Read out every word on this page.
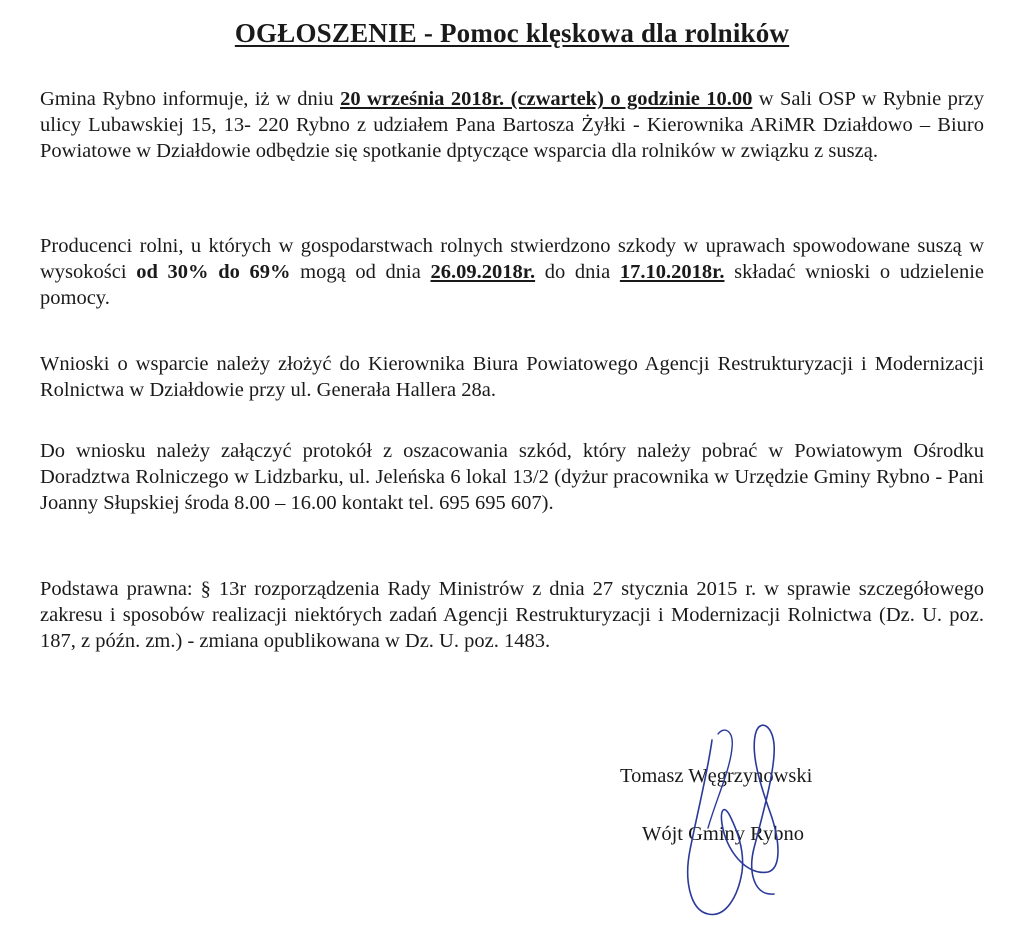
OGŁOSZENIE - Pomoc klęskowa dla rolników
Gmina Rybno informuje, iż w dniu 20 września 2018r. (czwartek) o godzinie 10.00 w Sali OSP w Rybnie przy ulicy Lubawskiej 15, 13- 220 Rybno z udziałem Pana Bartosza Żyłki - Kierownika ARiMR Działdowo – Biuro Powiatowe w Działdowie odbędzie się spotkanie dptyczące wsparcia dla rolników w związku z suszą.
Producenci rolni, u których w gospodarstwach rolnych stwierdzono szkody w uprawach spowodowane suszą w wysokości od 30% do 69% mogą od dnia 26.09.2018r. do dnia 17.10.2018r. składać wnioski o udzielenie pomocy.
Wnioski o wsparcie należy złożyć do Kierownika Biura Powiatowego Agencji Restrukturyzacji i Modernizacji Rolnictwa w Działdowie przy ul. Generała Hallera 28a.
Do wniosku należy załączyć protokół z oszacowania szkód, który należy pobrać w Powiatowym Ośrodku Doradztwa Rolniczego w Lidzbarku, ul. Jeleńska 6 lokal 13/2 (dyżur pracownika w Urzędzie Gminy Rybno - Pani Joanny Słupskiej środa 8.00 – 16.00 kontakt tel. 695 695 607).
Podstawa prawna: § 13r rozporządzenia Rady Ministrów z dnia 27 stycznia 2015 r. w sprawie szczegółowego zakresu i sposobów realizacji niektórych zadań Agencji Restrukturyzacji i Modernizacji Rolnictwa (Dz. U. poz. 187, z późn. zm.) - zmiana opublikowana w Dz. U. poz. 1483.
Tomasz Węgrzynowski
Wójt Gminy Rybno
